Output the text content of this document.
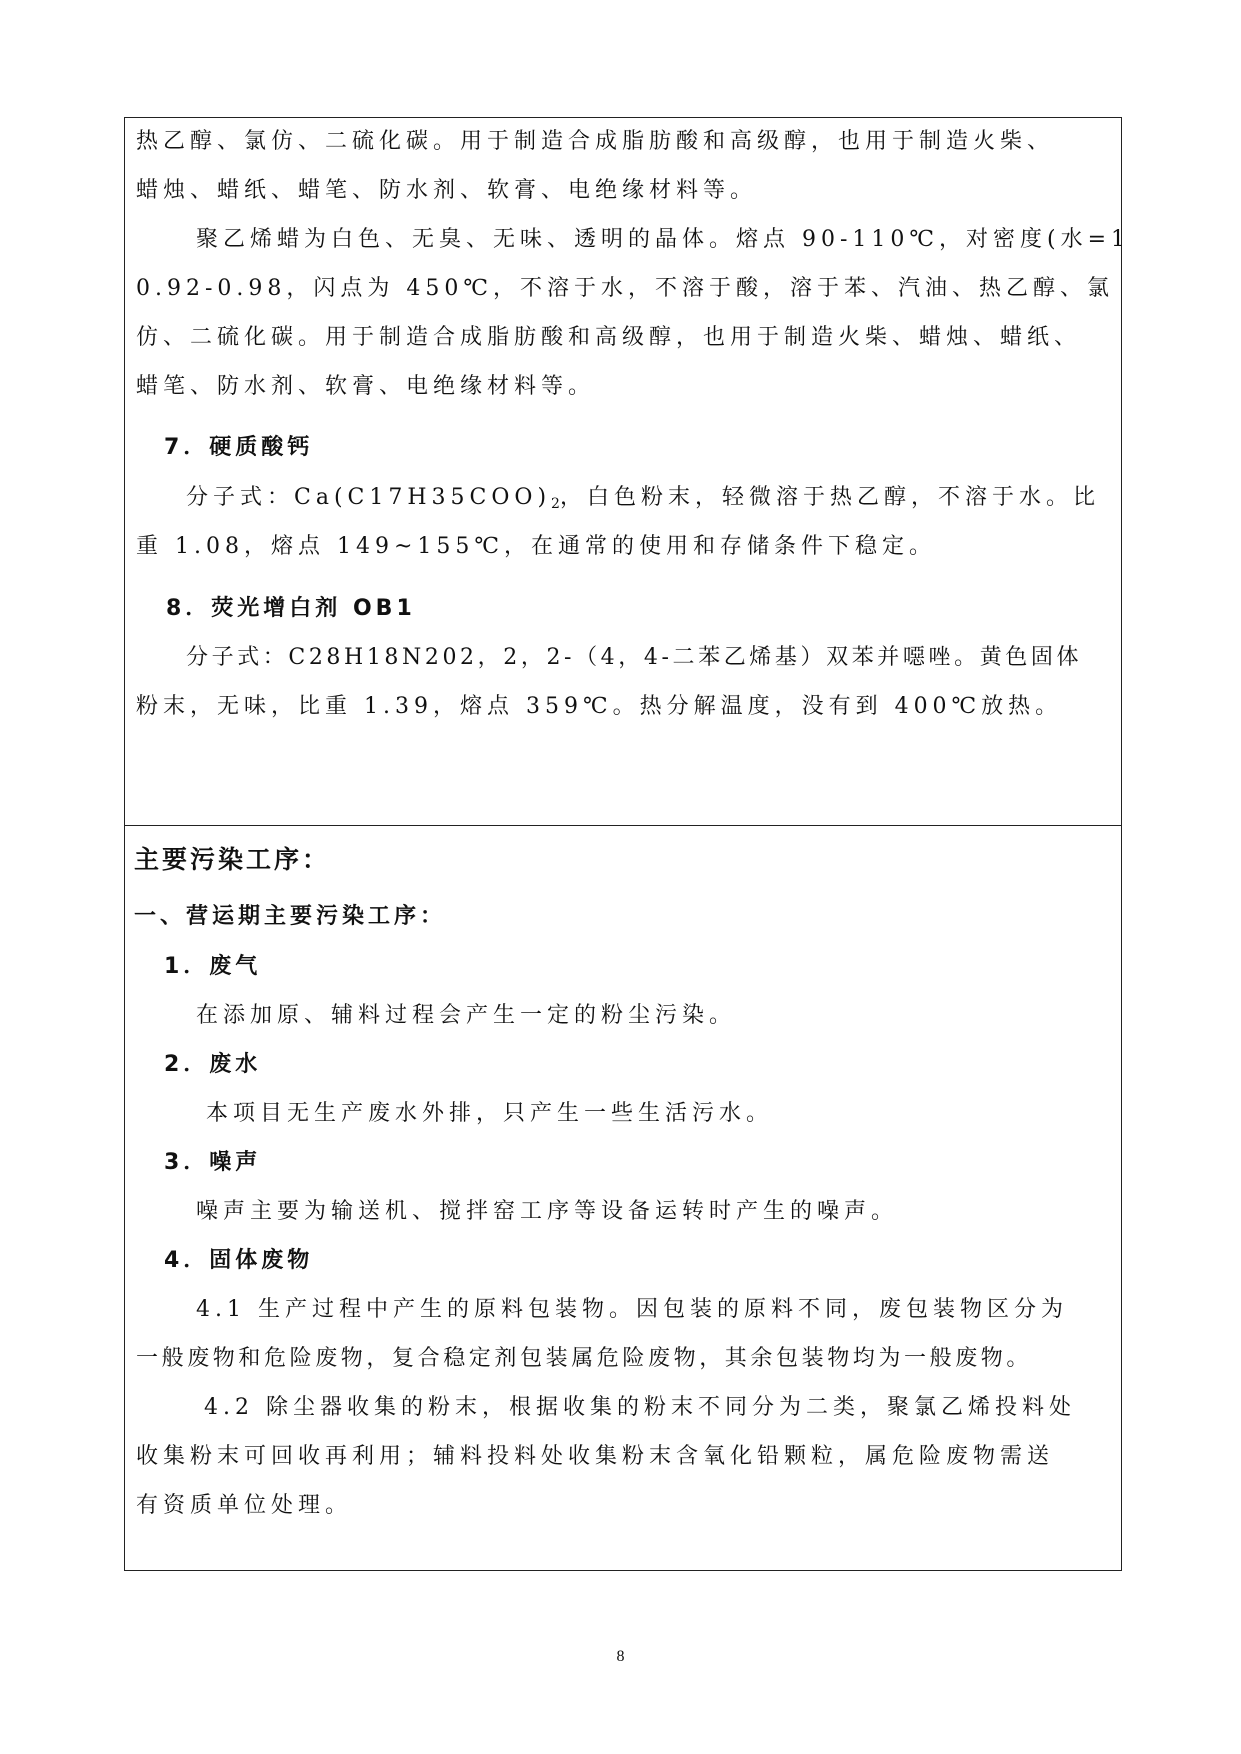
热乙醇、氯仿、二硫化碳。用于制造合成脂肪酸和高级醇，也用于制造火柴、
蜡烛、蜡纸、蜡笔、防水剂、软膏、电绝缘材料等。
聚乙烯蜡为白色、无臭、无味、透明的晶体。熔点 90-110℃，对密度(水=1
0.92-0.98，闪点为 450℃，不溶于水，不溶于酸，溶于苯、汽油、热乙醇、氯
仿、二硫化碳。用于制造合成脂肪酸和高级醇，也用于制造火柴、蜡烛、蜡纸、
蜡笔、防水剂、软膏、电绝缘材料等。
7．硬质酸钙
分子式：$Ca(C17H35COO)_2$，白色粉末，轻微溶于热乙醇，不溶于水。比
重 1.08，熔点 149~155℃，在通常的使用和存储条件下稳定。
8．荧光增白剂 OB1
分子式：C28H18N202，2，2-（4，4-二苯乙烯基）双苯并噁唑。黄色固体
粉末，无味，比重 1.39，熔点 359℃。热分解温度，没有到 400℃放热。
主要污染工序：
一、营运期主要污染工序：
1．废气
在添加原、辅料过程会产生一定的粉尘污染。
2．废水
本项目无生产废水外排，只产生一些生活污水。
3．噪声
噪声主要为输送机、搅拌窑工序等设备运转时产生的噪声。
4．固体废物
4.1 生产过程中产生的原料包装物。因包装的原料不同，废包装物区分为
一般废物和危险废物，复合稳定剂包装属危险废物，其余包装物均为一般废物。
4.2 除尘器收集的粉末，根据收集的粉末不同分为二类，聚氯乙烯投料处
收集粉末可回收再利用；辅料投料处收集粉末含氧化铅颗粒，属危险废物需送
有资质单位处理。
8
